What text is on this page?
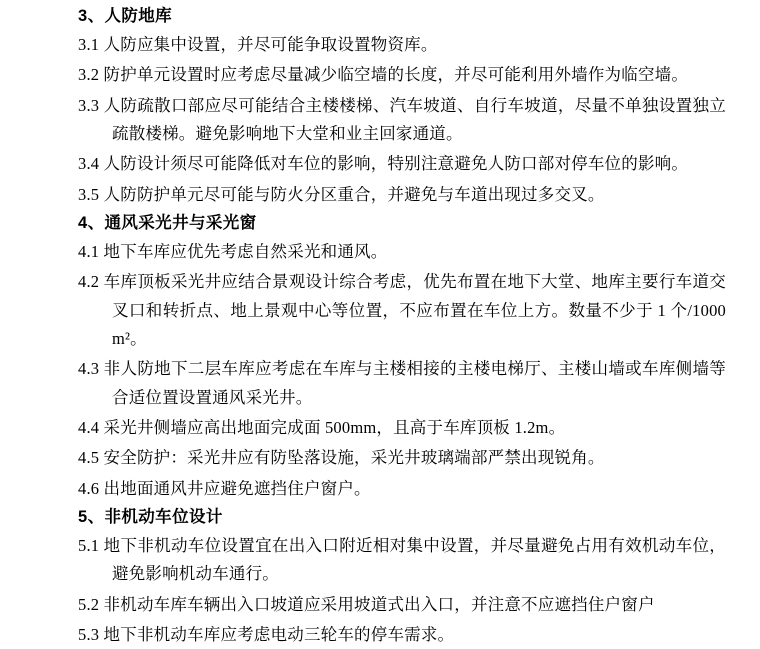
3、人防地库
3.1 人防应集中设置，并尽可能争取设置物资库。
3.2 防护单元设置时应考虑尽量减少临空墙的长度，并尽可能利用外墙作为临空墙。
3.3 人防疏散口部应尽可能结合主楼楼梯、汽车坡道、自行车坡道，尽量不单独设置独立疏散楼梯。避免影响地下大堂和业主回家通道。
3.4 人防设计须尽可能降低对车位的影响，特别注意避免人防口部对停车位的影响。
3.5 人防防护单元尽可能与防火分区重合，并避免与车道出现过多交叉。
4、通风采光井与采光窗
4.1 地下车库应优先考虑自然采光和通风。
4.2 车库顶板采光井应结合景观设计综合考虑，优先布置在地下大堂、地库主要行车道交叉口和转折点、地上景观中心等位置，不应布置在车位上方。数量不少于 1 个/1000 m²。
4.3 非人防地下二层车库应考虑在车库与主楼相接的主楼电梯厅、主楼山墙或车库侧墙等合适位置设置通风采光井。
4.4 采光井侧墙应高出地面完成面 500mm，且高于车库顶板 1.2m。
4.5 安全防护：采光井应有防坠落设施，采光井玻璃端部严禁出现锐角。
4.6 出地面通风井应避免遮挡住户窗户。
5、非机动车位设计
5.1 地下非机动车位设置宜在出入口附近相对集中设置，并尽量避免占用有效机动车位，避免影响机动车通行。
5.2 非机动车库车辆出入口坡道应采用坡道式出入口，并注意不应遮挡住户窗户
5.3 地下非机动车库应考虑电动三轮车的停车需求。
